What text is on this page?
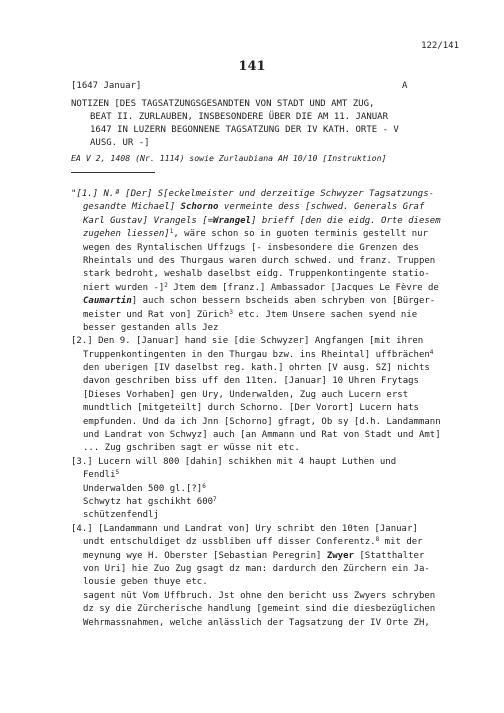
122/141
141
[1647 Januar]	A
NOTIZEN [DES TAGSATZUNGSGESANDTEN VON STADT UND AMT ZUG,
BEAT II. ZURLAUBEN, INSBESONDERE ÜBER DIE AM 11. JANUAR
1647 IN LUZERN BEGONNENE TAGSATZUNG DER IV KATH. ORTE - V
AUSG. UR -]
EA V 2, 1408 (Nr. 1114) sowie Zurlaubiana AH 10/10 [Instruktion]
"[1.] N.ª [Der] S[eckelmeister und derzeitige Schwyzer Tagsatzungs-
gesandte Michael] Schorno vermeinte dess [schwed. Generals Graf
Karl Gustav] Vrangels [=Wrangel] brieff [den die eidg. Orte diesem
zugehen liessen]$^1$, wäre schon so in guoten terminis gestellt nur
wegen des Ryntalischen Uffzugs [- insbesondere die Grenzen des
Rheintals und des Thurgaus waren durch schwed. und franz. Truppen
stark bedroht, weshalb daselbst eidg. Truppenkontingente statio-
niert wurden -]$^2$ Jtem dem [franz.] Ambassador [Jacques Le Fèvre de
Caumartin] auch schon bessern bscheids aben schryben von [Bürger-
meister und Rat von] Zürich$^3$ etc. Jtem Unsere sachen syend nie
besser gestanden alls Jez
[2.] Den 9. [Januar] hand sie [die Schwyzer] Angfangen [mit ihren
Truppenkontingenten in den Thurgau bzw. ins Rheintal] uffbrächen$^4$
den uberigen [IV daselbst reg. kath.] ohrten [V ausg. SZ] nichts
davon geschriben biss uff den 11ten. [Januar] 10 Uhren Frytags
[Dieses Vorhaben] gen Ury, Underwalden, Zug auch Lucern erst
mundtlich [mitgeteilt] durch Schorno. [Der Vorort] Lucern hats
empfunden. Und da ich Jnn [Schorno] gfragt, Ob sy [d.h. Landammann
und Landrat von Schwyz] auch [an Ammann und Rat von Stadt und Amt]
... Zug gschriben sagt er wüsse nit etc.
[3.] Lucern will 800 [dahin] schikhen mit 4 haupt Luthen und
Fendli$^5$
Underwalden 500 gl.[?]$^6$
Schwytz hat gschikht $600^7$
schützenfendlj
[4.] [Landammann und Landrat von] Ury schribt den 10ten [Januar]
undt entschuldiget dz ussbliben uff disser Conferentz.$^8$ mit der
meynung wye H. Oberster [Sebastian Peregrin] Zwyer [Statthalter
von Uri] hie Zuo Zug gsagt dz man: dardurch den Zürchern ein Ja-
lousie geben thuye etc.
sagent nüt Vom Uffbruch. Jst ohne den bericht uss Zwyers schryben
dz sy die Zürcherische handlung [gemeint sind die diesbezüglichen
Wehrmassnahmen, welche anlässlich der Tagsatzung der IV Orte ZH,
